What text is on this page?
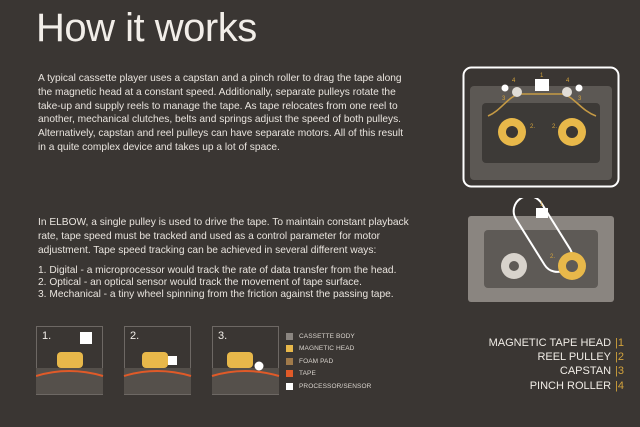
How it works

A typical cassette player uses a capstan and a pinch roller to drag the tape along the magnetic head at a constant speed. Additionally, separate pulleys rotate the take-up and supply reels to manage the tape. As tape relocates from one reel to another, mechanical clutches, belts and springs adjust the speed of both pulleys. Alternatively, capstan and reel pulleys can have separate motors. All of this result in a quite complex device and takes up a lot of space.

In ELBOW, a single pulley is used to drive the tape. To maintain constant playback rate, tape speed must be tracked and used as a control parameter for motor adjustment. Tape speed tracking can be achieved in several different ways:

1. Digital - a microprocessor would track the rate of data transfer from the head.
2. Optical - an optical sensor would track the movement of tape surface.
3. Mechanical - a tiny wheel spinning from the friction against the passing tape.
1
4	4
3	3
2.	2.
1
2.
1.	2.	3.	CASSETTE BODY
MAGNETIC HEAD
FOAM PAD
TAPE
PROCESSOR/SENSOR
MAGNETIC TAPE HEAD |1
REEL PULLEY |2
CAPSTAN |3
PINCH ROLLER |4
